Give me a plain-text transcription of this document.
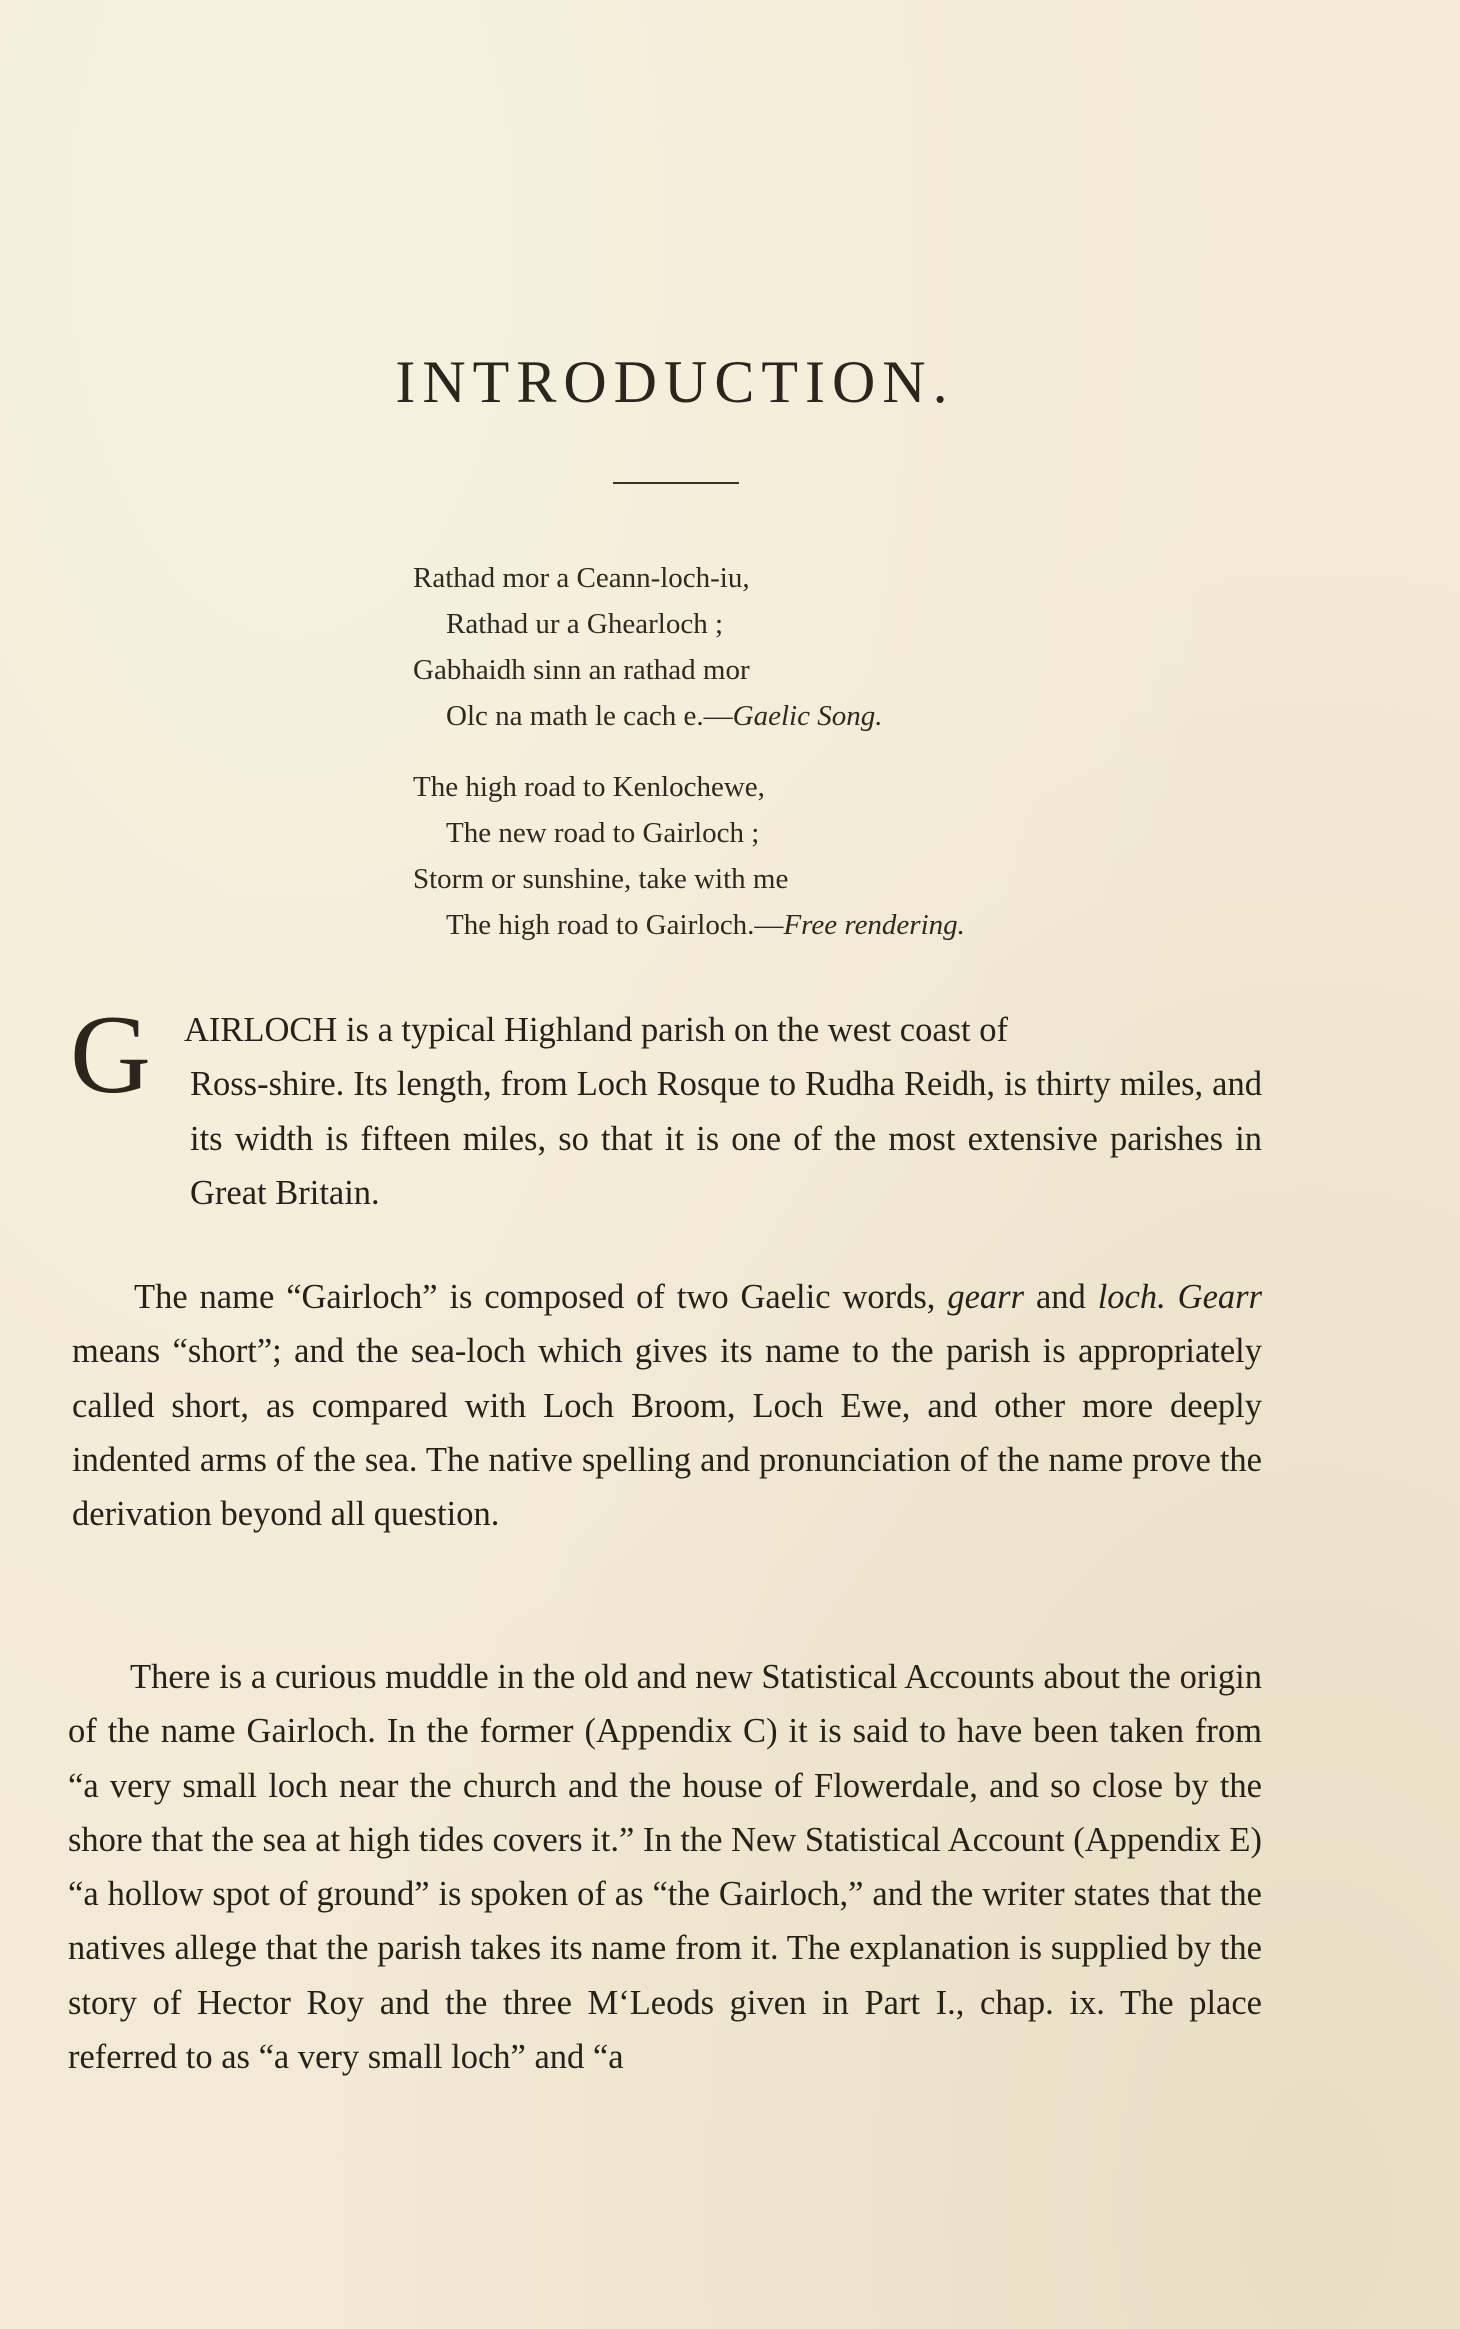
INTRODUCTION.
Rathad mor a Ceann-loch-iu,
Rathad ur a Ghearloch ;
Gabhaidh sinn an rathad mor
Olc na math le cach e.—Gaelic Song.
The high road to Kenlochewe,
The new road to Gairloch ;
Storm or sunshine, take with me
The high road to Gairloch.—Free rendering.
G AIRLOCH is a typical Highland parish on the west coast of
Ross-shire. Its length, from Loch Rosque to Rudha Reidh, is thirty miles, and its width is fifteen miles, so that it is one of the most extensive parishes in Great Britain.

The name “Gairloch” is composed of two Gaelic words, gearr and loch. Gearr means “short”; and the sea-loch which gives its name to the parish is appropriately called short, as compared with Loch Broom, Loch Ewe, and other more deeply indented arms of the sea. The native spelling and pronunciation of the name prove the derivation beyond all question.

There is a curious muddle in the old and new Statistical Accounts about the origin of the name Gairloch. In the former (Appendix C) it is said to have been taken from “a very small loch near the church and the house of Flowerdale, and so close by the shore that the sea at high tides covers it.” In the New Statistical Account (Appendix E) “a hollow spot of ground” is spoken of as “the Gairloch,” and the writer states that the natives allege that the parish takes its name from it. The explanation is supplied by the story of Hector Roy and the three M‘Leods given in Part I., chap. ix. The place referred to as “a very small loch” and “a
